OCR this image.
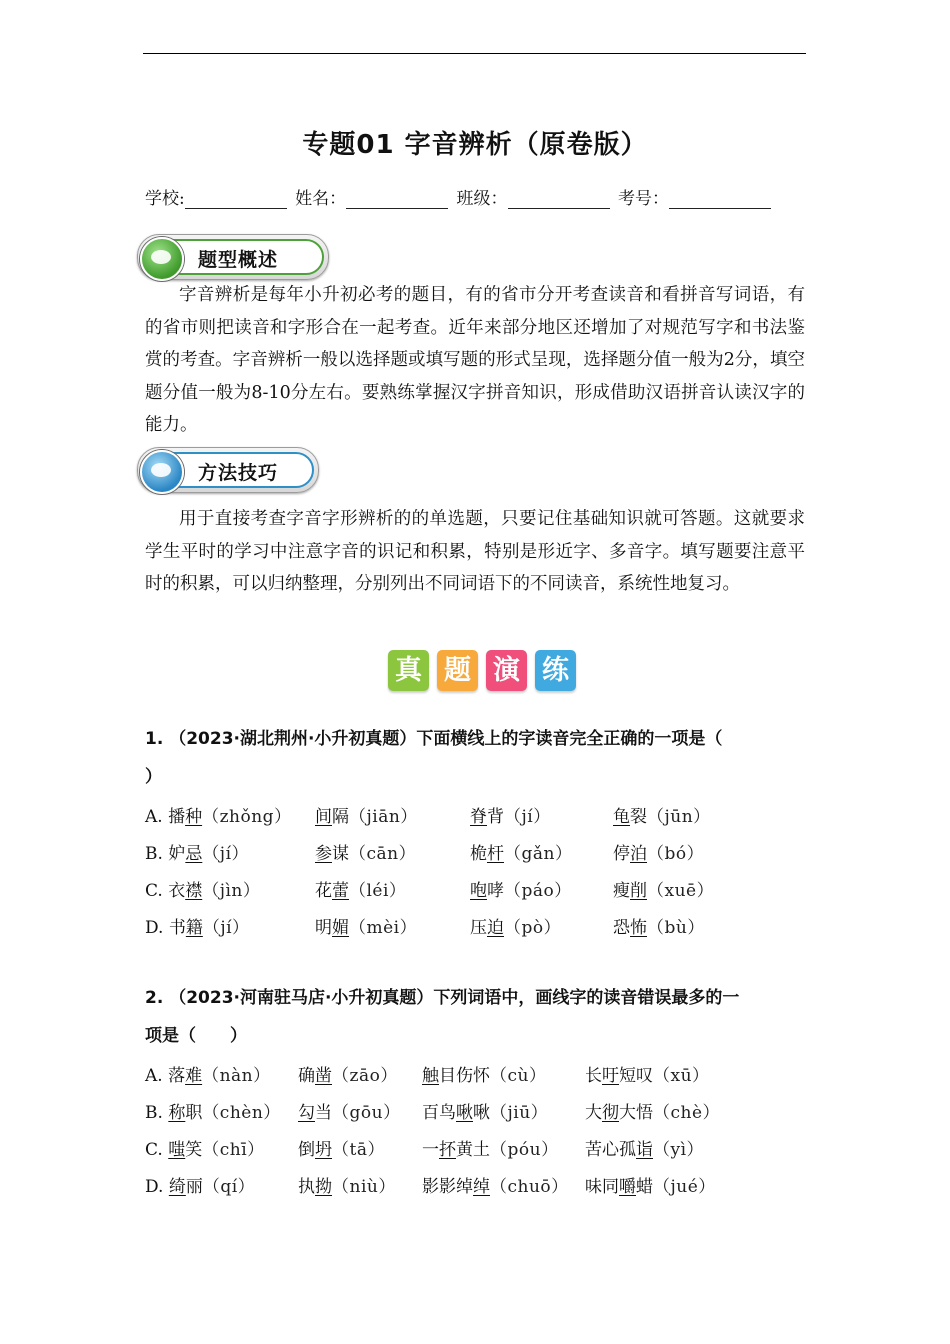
专题01 字音辨析（原卷版）
学校:	姓名：	班级：	考号：
题型概述
字音辨析是每年小升初必考的题目，有的省市分开考查读音和看拼音写词语，有的省市则把读音和字形合在一起考查。近年来部分地区还增加了对规范写字和书法鉴赏的考查。字音辨析一般以选择题或填写题的形式呈现，选择题分值一般为2分，填空题分值一般为8-10分左右。要熟练掌握汉字拼音知识，形成借助汉语拼音认读汉字的能力。
方法技巧
用于直接考查字音字形辨析的的单选题，只要记住基础知识就可答题。这就要求学生平时的学习中注意字音的识记和积累，特别是形近字、多音字。填写题要注意平时的积累，可以归纳整理，分别列出不同词语下的不同读音，系统性地复习。
真 题 演 练
1. （2023·湖北荆州·小升初真题）下面横线上的字读音完全正确的一项是（
）
A. 播种（zhǒng） 间隔（jiān）	脊背（jí）	龟裂（jūn）
B. 妒忌（jí）	参谋（cān）	桅杆（gǎn） 停泊（bó）
C. 衣襟（jìn）	花蕾（léi）	咆哮（páo） 瘦削（xuē）
D. 书籍（jí）	明媚（mèi）	压迫（pò）	恐怖（bù）
2. （2023·河南驻马店·小升初真题）下列词语中，画线字的读音错误最多的一
项是（　　）
A. 落难（nàn） 确凿（zāo） 触目伤怀（cù） 长吁短叹（xū）
B. 称职（chèn） 勾当（gōu） 百鸟啾啾（jiū） 大彻大悟（chè）
C. 嗤笑（chī） 倒坍（tā） 一抔黄土（póu） 苦心孤诣（yì）
D. 绮丽（qí）	执拗（niù） 影影绰绰（chuō） 味同嚼蜡（jué）
